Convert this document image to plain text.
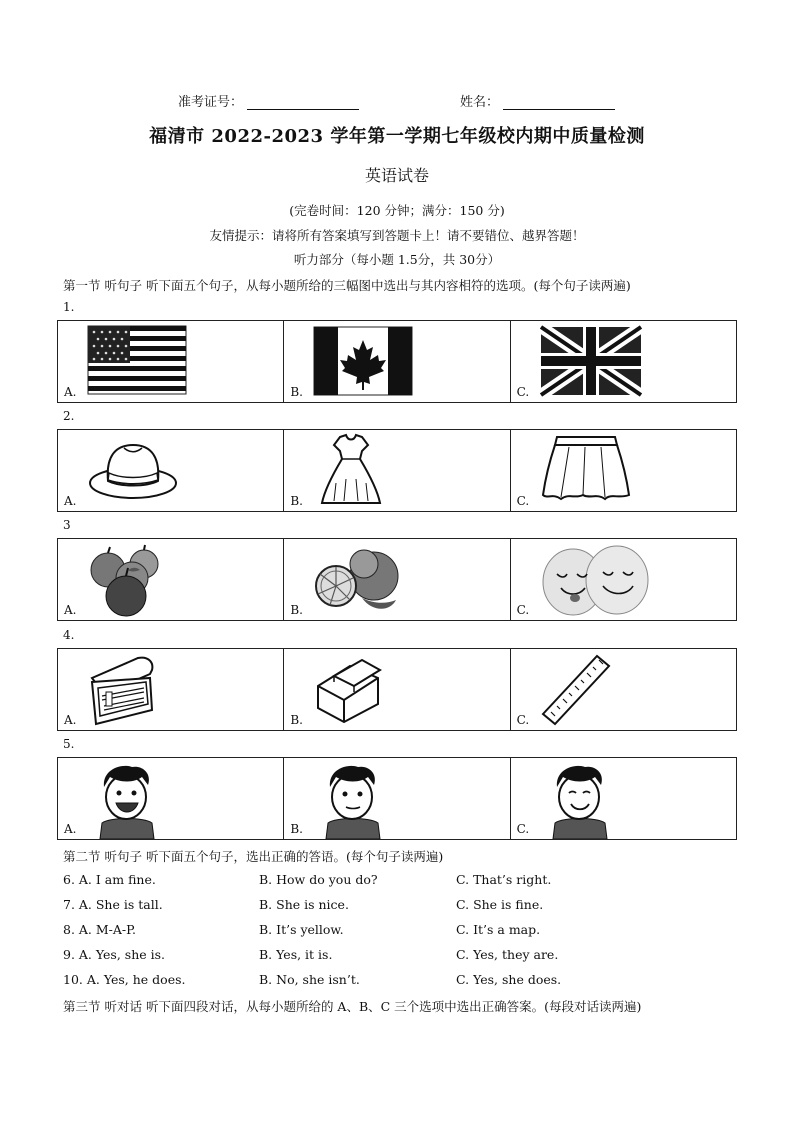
准考证号：	姓名：
福清市 2022-2023 学年第一学期七年级校内期中质量检测
英语试卷
(完卷时间：120 分钟；满分：150 分)
友情提示：请将所有答案填写到答题卡上！请不要错位、越界答题！
听力部分（每小题 1.5分，共 30分）
第一节 听句子 听下面五个句子，从每小题所给的三幅图中选出与其内容相符的选项。(每个句子读两遍)
1.
A.	B.	C.
2.
A.	B.	C.
3
A.	B.	C.
4.
A.	B.	C.
5.
A.	B.	C.
第二节 听句子 听下面五个句子，选出正确的答语。(每个句子读两遍)
6. A. I am fine.	B. How do you do?	C. That’s right.
7. A. She is tall.	B. She is nice.	C. She is fine.
8. A. M-A-P.	B. It’s yellow.	C. It’s a map.
9. A. Yes, she is.	B. Yes, it is.	C. Yes, they are.
10. A. Yes, he does.	B. No, she isn’t.	C. Yes, she does.
第三节 听对话 听下面四段对话，从每小题所给的 A、B、C 三个选项中选出正确答案。(每段对话读两遍)
